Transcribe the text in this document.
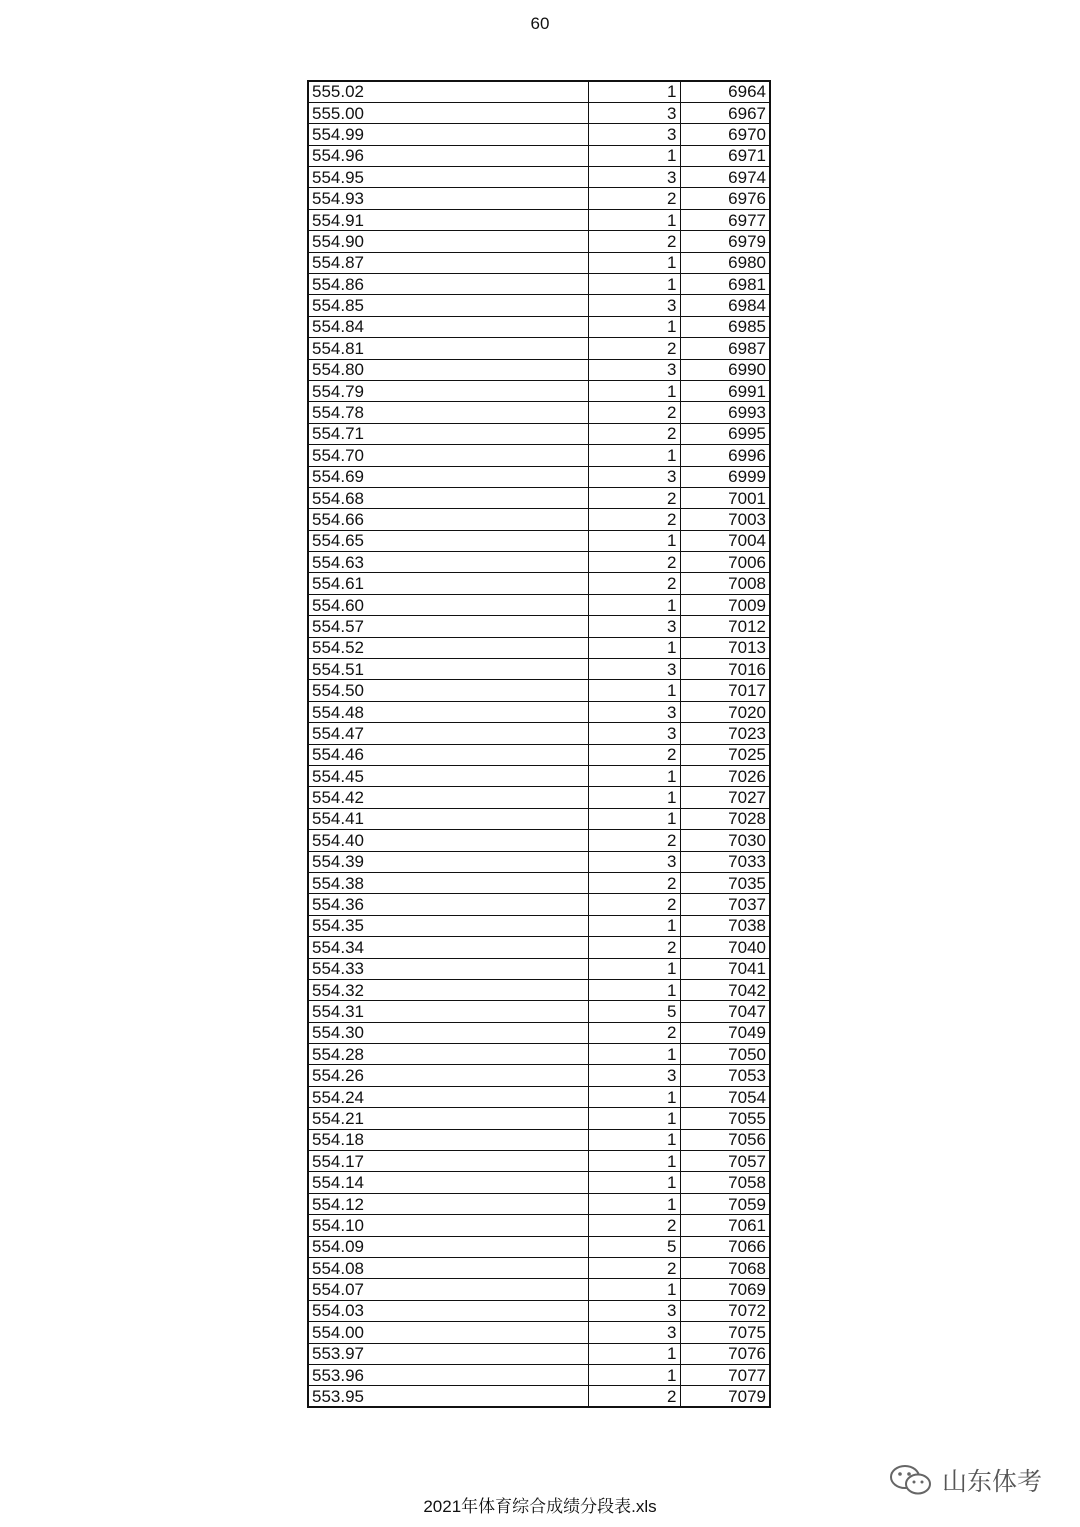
60
555.02	1	6964
555.00	3	6967
554.99	3	6970
554.96	1	6971
554.95	3	6974
554.93	2	6976
554.91	1	6977
554.90	2	6979
554.87	1	6980
554.86	1	6981
554.85	3	6984
554.84	1	6985
554.81	2	6987
554.80	3	6990
554.79	1	6991
554.78	2	6993
554.71	2	6995
554.70	1	6996
554.69	3	6999
554.68	2	7001
554.66	2	7003
554.65	1	7004
554.63	2	7006
554.61	2	7008
554.60	1	7009
554.57	3	7012
554.52	1	7013
554.51	3	7016
554.50	1	7017
554.48	3	7020
554.47	3	7023
554.46	2	7025
554.45	1	7026
554.42	1	7027
554.41	1	7028
554.40	2	7030
554.39	3	7033
554.38	2	7035
554.36	2	7037
554.35	1	7038
554.34	2	7040
554.33	1	7041
554.32	1	7042
554.31	5	7047
554.30	2	7049
554.28	1	7050
554.26	3	7053
554.24	1	7054
554.21	1	7055
554.18	1	7056
554.17	1	7057
554.14	1	7058
554.12	1	7059
554.10	2	7061
554.09	5	7066
554.08	2	7068
554.07	1	7069
554.03	3	7072
554.00	3	7075
553.97	1	7076
553.96	1	7077
553.95	2	7079
2021年体育综合成绩分段表.xls
山东体考
